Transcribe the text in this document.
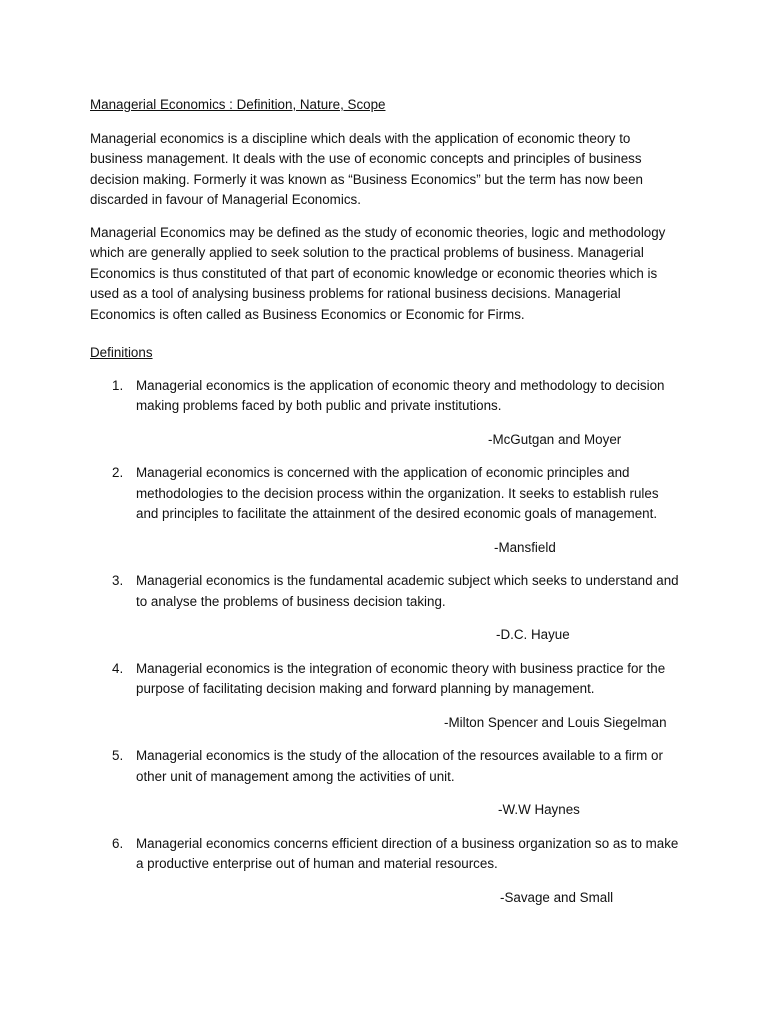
Managerial Economics : Definition, Nature, Scope

Managerial economics is a discipline which deals with the application of economic theory to business management. It deals with the use of economic concepts and principles of business decision making. Formerly it was known as “Business Economics” but the term has now been discarded in favour of Managerial Economics.

Managerial Economics may be defined as the study of economic theories, logic and methodology which are generally applied to seek solution to the practical problems of business. Managerial Economics is thus constituted of that part of economic knowledge or economic theories which is used as a tool of analysing business problems for rational business decisions. Managerial Economics is often called as Business Economics or Economic for Firms.

Definitions
1. Managerial economics is the application of economic theory and methodology to decision making problems faced by both public and private institutions.
-McGutgan and Moyer
2. Managerial economics is concerned with the application of economic principles and methodologies to the decision process within the organization. It seeks to establish rules and principles to facilitate the attainment of the desired economic goals of management.
-Mansfield
3. Managerial economics is the fundamental academic subject which seeks to understand and to analyse the problems of business decision taking.
-D.C. Hayue
4. Managerial economics is the integration of economic theory with business practice for the purpose of facilitating decision making and forward planning by management.
-Milton Spencer and Louis Siegelman
5. Managerial economics is the study of the allocation of the resources available to a firm or other unit of management among the activities of unit.
-W.W Haynes
6. Managerial economics concerns efficient direction of a business organization so as to make a productive enterprise out of human and material resources.
-Savage and Small
